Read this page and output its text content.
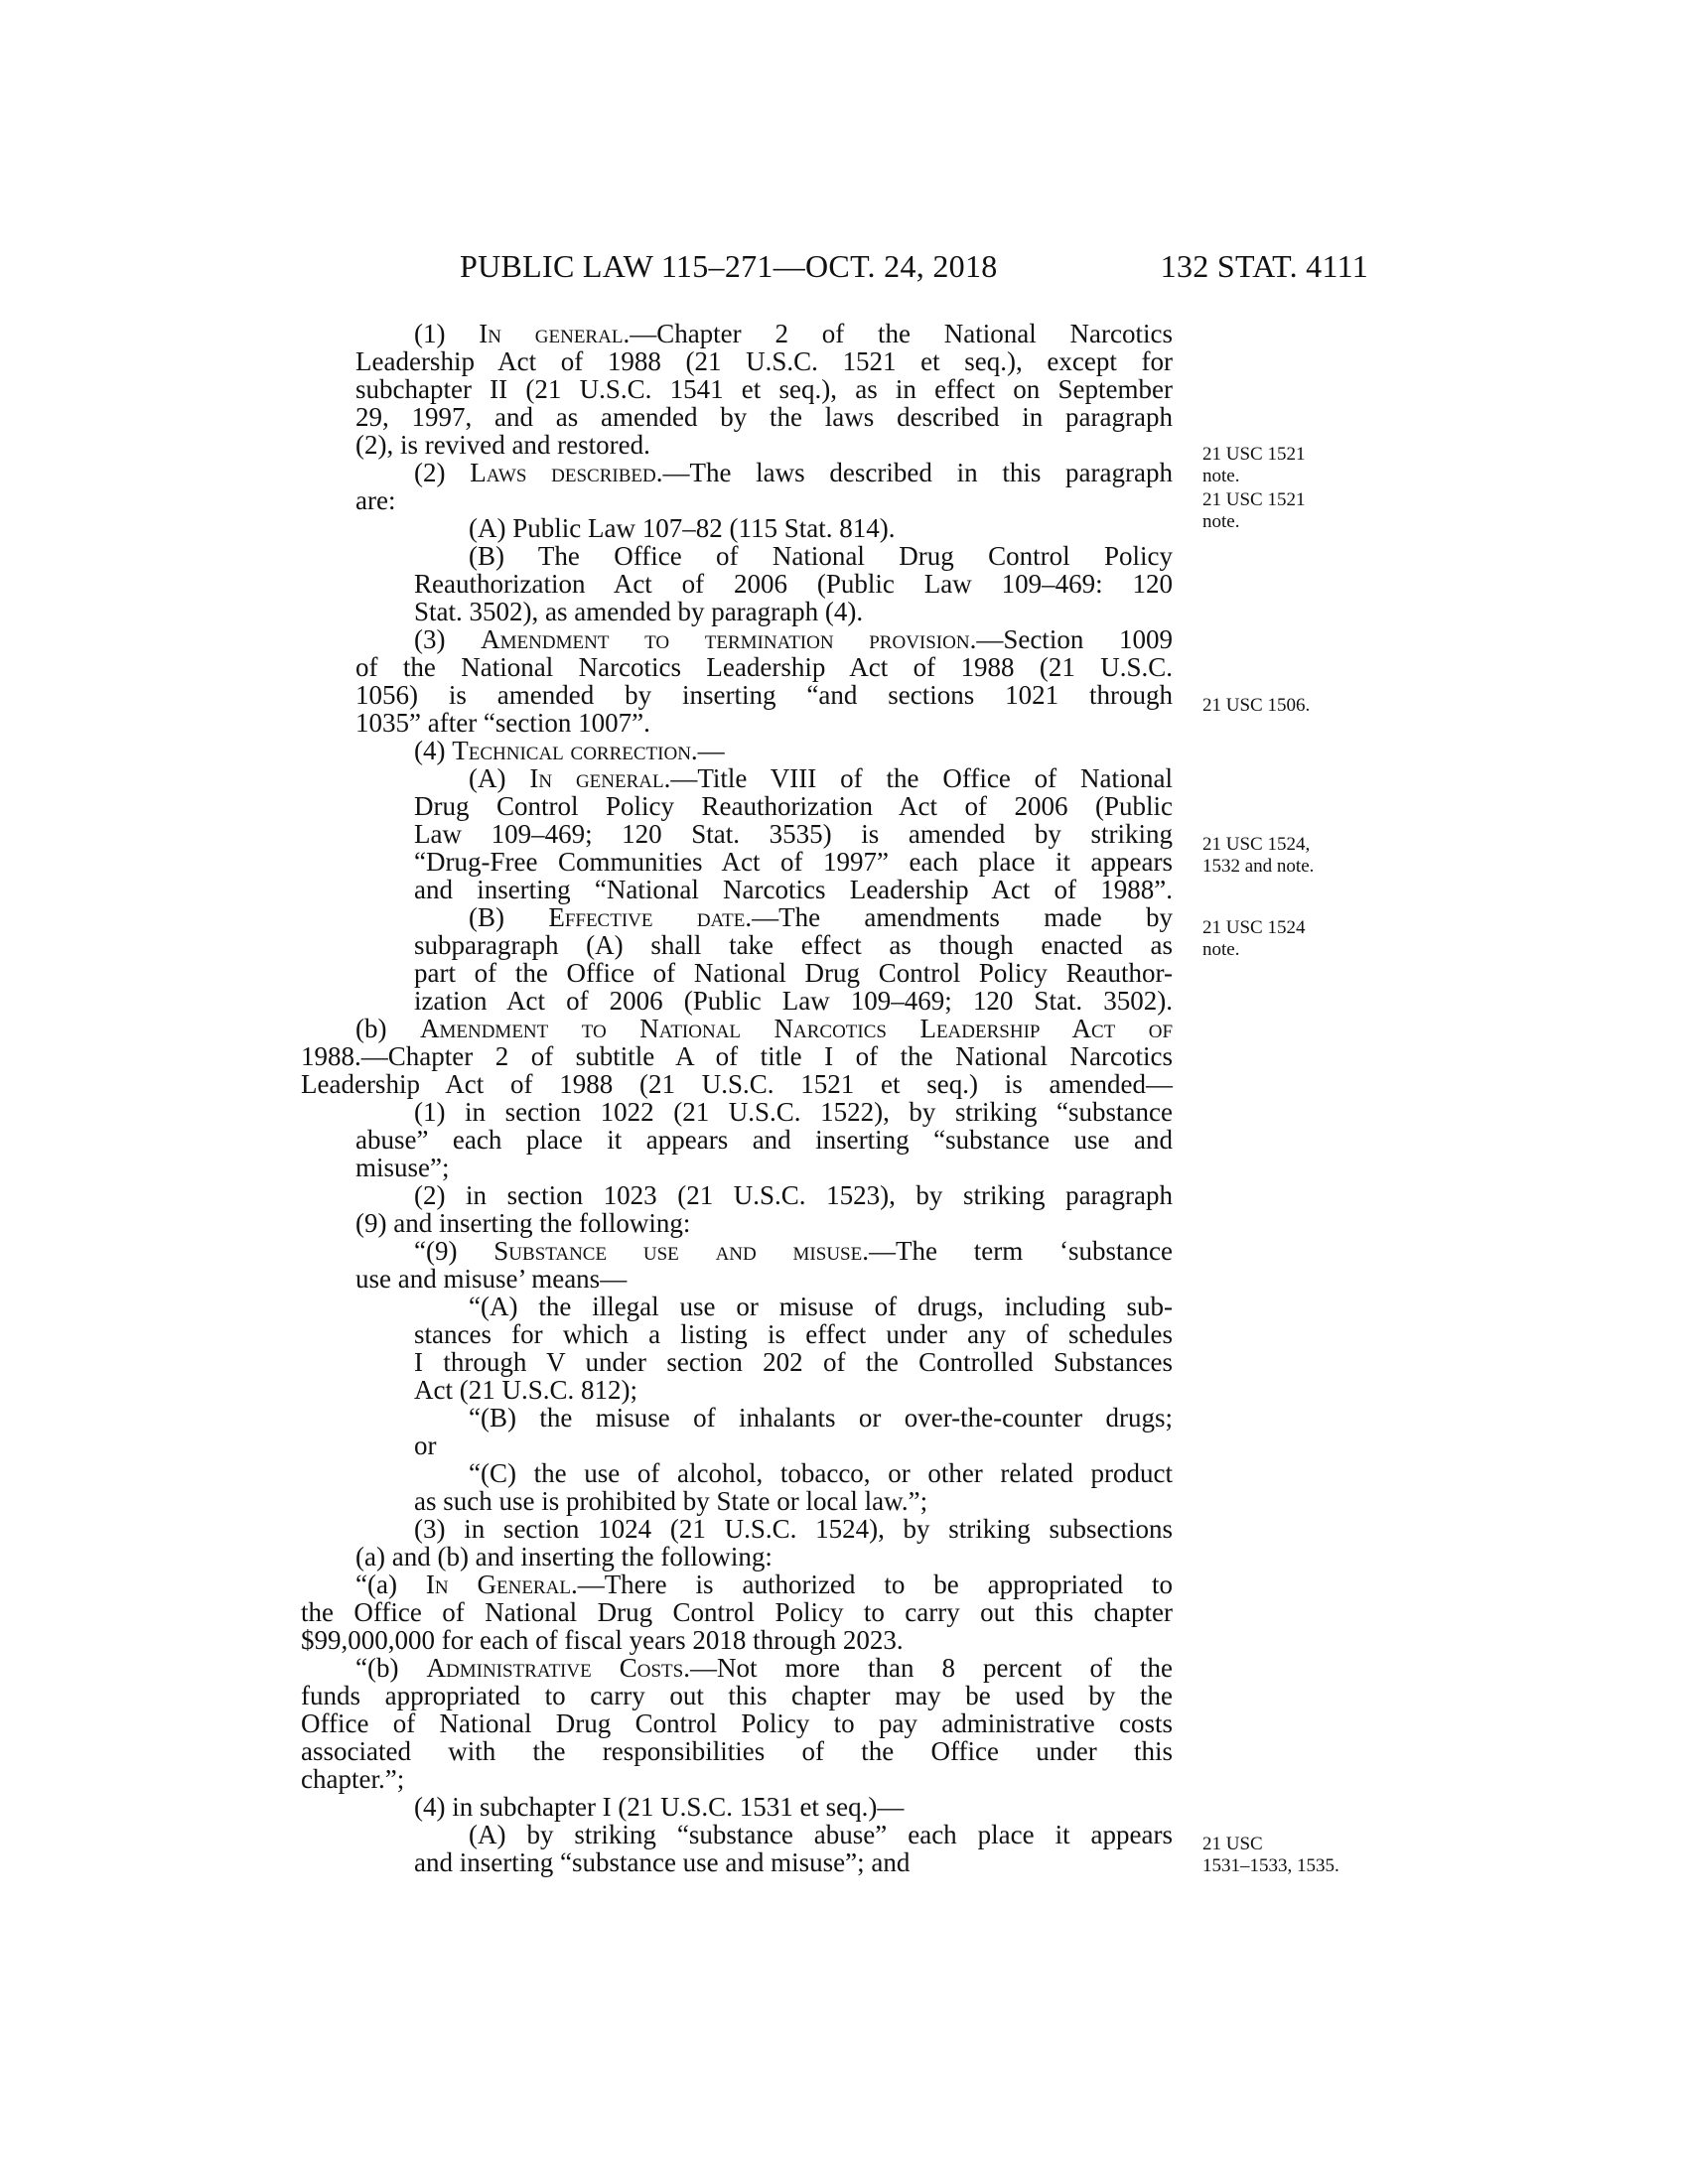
PUBLIC LAW 115–271—OCT. 24, 2018	132 STAT. 4111
(1) In general.—Chapter 2 of the National Narcotics
Leadership Act of 1988 (21 U.S.C. 1521 et seq.), except for
subchapter II (21 U.S.C. 1541 et seq.), as in effect on September
29, 1997, and as amended by the laws described in paragraph
(2), is revived and restored.
(2) Laws described.—The laws described in this paragraph
are:
(A) Public Law 107–82 (115 Stat. 814).
(B) The Office of National Drug Control Policy
Reauthorization Act of 2006 (Public Law 109–469: 120
Stat. 3502), as amended by paragraph (4).
(3) Amendment to termination provision.—Section 1009
of the National Narcotics Leadership Act of 1988 (21 U.S.C.
1056) is amended by inserting “and sections 1021 through
1035” after “section 1007”.
(4) Technical correction.—
(A) In general.—Title VIII of the Office of National
Drug Control Policy Reauthorization Act of 2006 (Public
Law 109–469; 120 Stat. 3535) is amended by striking
“Drug-Free Communities Act of 1997” each place it appears
and inserting “National Narcotics Leadership Act of 1988”.
(B) Effective date.—The amendments made by
subparagraph (A) shall take effect as though enacted as
part of the Office of National Drug Control Policy Reauthor-
ization Act of 2006 (Public Law 109–469; 120 Stat. 3502).
(b) Amendment to National Narcotics Leadership Act of
1988.—Chapter 2 of subtitle A of title I of the National Narcotics
Leadership Act of 1988 (21 U.S.C. 1521 et seq.) is amended—
(1) in section 1022 (21 U.S.C. 1522), by striking “substance
abuse” each place it appears and inserting “substance use and
misuse”;
(2) in section 1023 (21 U.S.C. 1523), by striking paragraph
(9) and inserting the following:
“(9) Substance use and misuse.—The term ‘substance
use and misuse’ means—
“(A) the illegal use or misuse of drugs, including sub-
stances for which a listing is effect under any of schedules
I through V under section 202 of the Controlled Substances
Act (21 U.S.C. 812);
“(B) the misuse of inhalants or over-the-counter drugs;
or
“(C) the use of alcohol, tobacco, or other related product
as such use is prohibited by State or local law.”;
(3) in section 1024 (21 U.S.C. 1524), by striking subsections
(a) and (b) and inserting the following:
“(a) In General.—There is authorized to be appropriated to
the Office of National Drug Control Policy to carry out this chapter
$99,000,000 for each of fiscal years 2018 through 2023.
“(b) Administrative Costs.—Not more than 8 percent of the
funds appropriated to carry out this chapter may be used by the
Office of National Drug Control Policy to pay administrative costs
associated with the responsibilities of the Office under this
chapter.”;
(4) in subchapter I (21 U.S.C. 1531 et seq.)—
(A) by striking “substance abuse” each place it appears
and inserting “substance use and misuse”; and
21 USC 1521
note.
21 USC 1521
note.
21 USC 1506.
21 USC 1524,
1532 and note.
21 USC 1524
note.
21 USC
1531–1533, 1535.
